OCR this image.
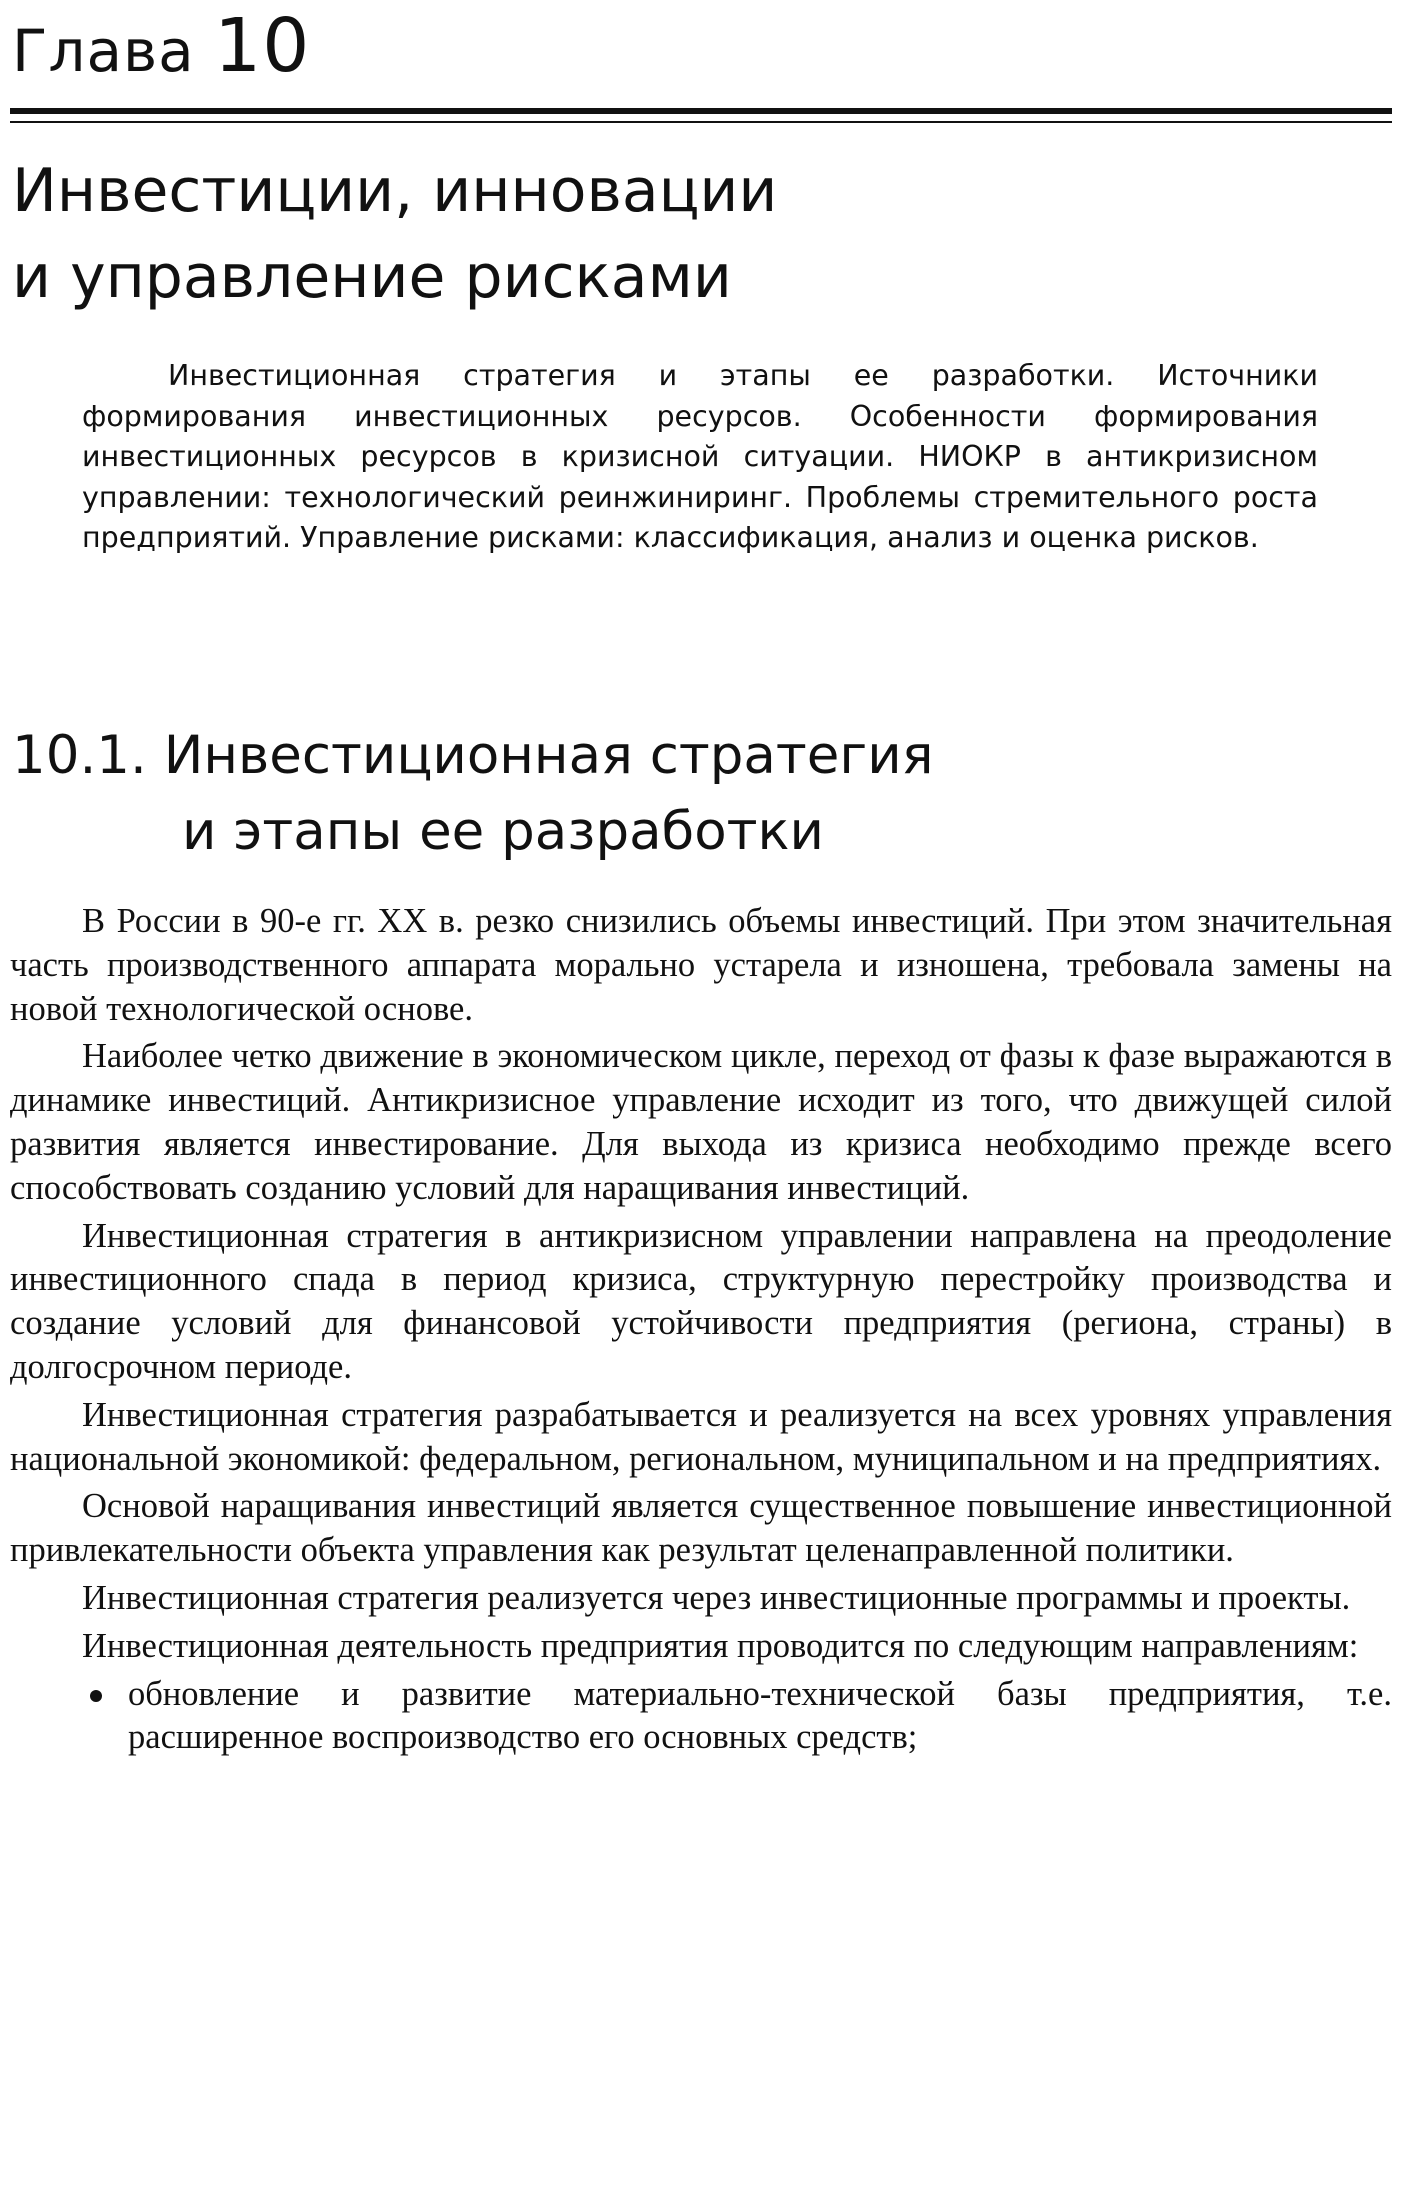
Глава 10
Инвестиции, инновации
и управление рисками

Инвестиционная стратегия и этапы ее разработки. Источники формирования инвестиционных ресурсов. Особенности формирования инвестиционных ресурсов в кризисной ситуации. НИОКР в антикризисном управлении: технологический реинжиниринг. Проблемы стремительного роста предприятий. Управление рисками: классификация, анализ и оценка рисков.

10.1. Инвестиционная стратегия
и этапы ее разработки

В России в 90-е гг. XX в. резко снизились объемы инвестиций. При этом значительная часть производственного аппарата морально устарела и изношена, требовала замены на новой технологической основе.

Наиболее четко движение в экономическом цикле, переход от фазы к фазе выражаются в динамике инвестиций. Антикризисное управление исходит из того, что движущей силой развития является инвестирование. Для выхода из кризиса необходимо прежде всего способствовать созданию условий для наращивания инвестиций.

Инвестиционная стратегия в антикризисном управлении направлена на преодоление инвестиционного спада в период кризиса, структурную перестройку производства и создание условий для финансовой устойчивости предприятия (региона, страны) в долгосрочном периоде.

Инвестиционная стратегия разрабатывается и реализуется на всех уровнях управления национальной экономикой: федеральном, региональном, муниципальном и на предприятиях.

Основой наращивания инвестиций является существенное повышение инвестиционной привлекательности объекта управления как результат целенаправленной политики.

Инвестиционная стратегия реализуется через инвестиционные программы и проекты.

Инвестиционная деятельность предприятия проводится по следующим направлениям:

обновление и развитие материально-технической базы предприятия, т.е. расширенное воспроизводство его основных средств;
